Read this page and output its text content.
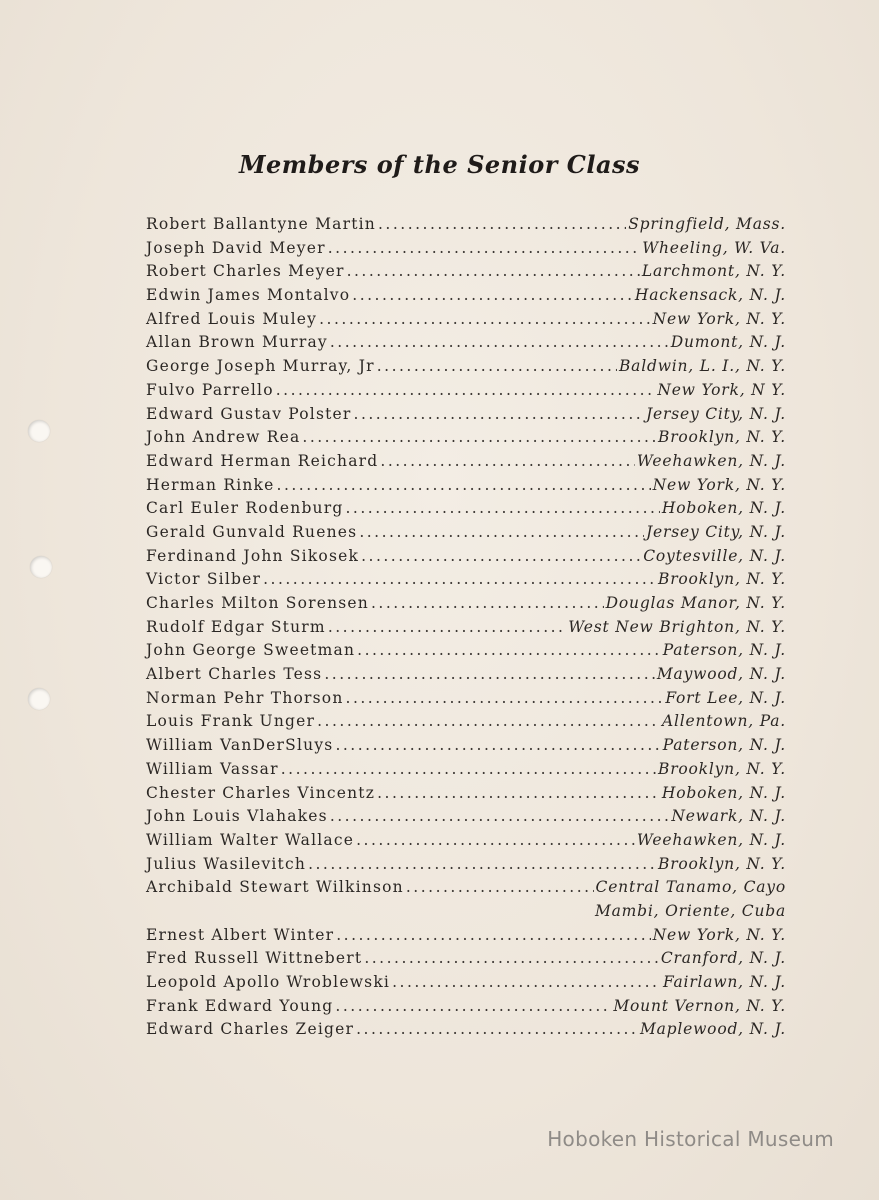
Members of the Senior Class
Robert Ballantyne Martin .....	Springfield, Mass.
Joseph David Meyer .....	Wheeling, W. Va.
Robert Charles Meyer .....	Larchmont, N. Y.
Edwin James Montalvo .....	Hackensack, N. J.
Alfred Louis Muley .....	New York, N. Y.
Allan Brown Murray .....	Dumont, N. J.
George Joseph Murray, Jr .....	Baldwin, L. I., N. Y.
Fulvo Parrello .....	New York, N Y.
Edward Gustav Polster .....	Jersey City, N. J.
John Andrew Rea .....	Brooklyn, N. Y.
Edward Herman Reichard .....	Weehawken, N. J.
Herman Rinke .....	New York, N. Y.
Carl Euler Rodenburg .....	Hoboken, N. J.
Gerald Gunvald Ruenes .....	Jersey City, N. J.
Ferdinand John Sikosek .....	Coytesville, N. J.
Victor Silber .....	Brooklyn, N. Y.
Charles Milton Sorensen .....	Douglas Manor, N. Y.
Rudolf Edgar Sturm .....	West New Brighton, N. Y.
John George Sweetman .....	Paterson, N. J.
Albert Charles Tess .....	Maywood, N. J.
Norman Pehr Thorson .....	Fort Lee, N. J.
Louis Frank Unger .....	Allentown, Pa.
William VanDerSluys .....	Paterson, N. J.
William Vassar .....	Brooklyn, N. Y.
Chester Charles Vincentz .....	Hoboken, N. J.
John Louis Vlahakes .....	Newark, N. J.
William Walter Wallace .....	Weehawken, N. J.
Julius Wasilevitch .....	Brooklyn, N. Y.
Archibald Stewart Wilkinson .....	Central Tanamo, Cayo
Mambi, Oriente, Cuba
Ernest Albert Winter .....	New York, N. Y.
Fred Russell Wittnebert .....	Cranford, N. J.
Leopold Apollo Wroblewski .....	Fairlawn, N. J.
Frank Edward Young .....	Mount Vernon, N. Y.
Edward Charles Zeiger .....	Maplewood, N. J.
Hoboken Historical Museum
